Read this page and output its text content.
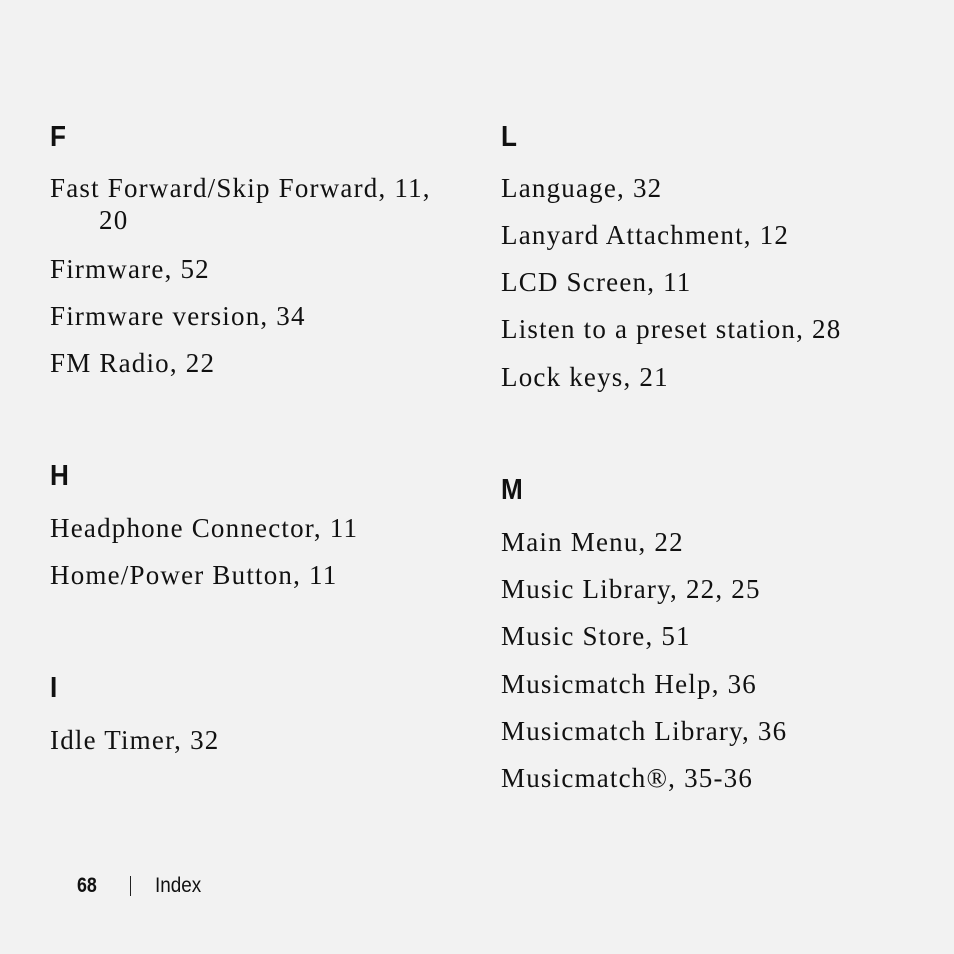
F
Fast Forward/Skip Forward, 11,
20
Firmware, 52
Firmware version, 34
FM Radio, 22
H
Headphone Connector, 11
Home/Power Button, 11
I
Idle Timer, 32
L
Language, 32
Lanyard Attachment, 12
LCD Screen, 11
Listen to a preset station, 28
Lock keys, 21
M
Main Menu, 22
Music Library, 22, 25
Music Store, 51
Musicmatch Help, 36
Musicmatch Library, 36
Musicmatch®, 35-36
68	Index
